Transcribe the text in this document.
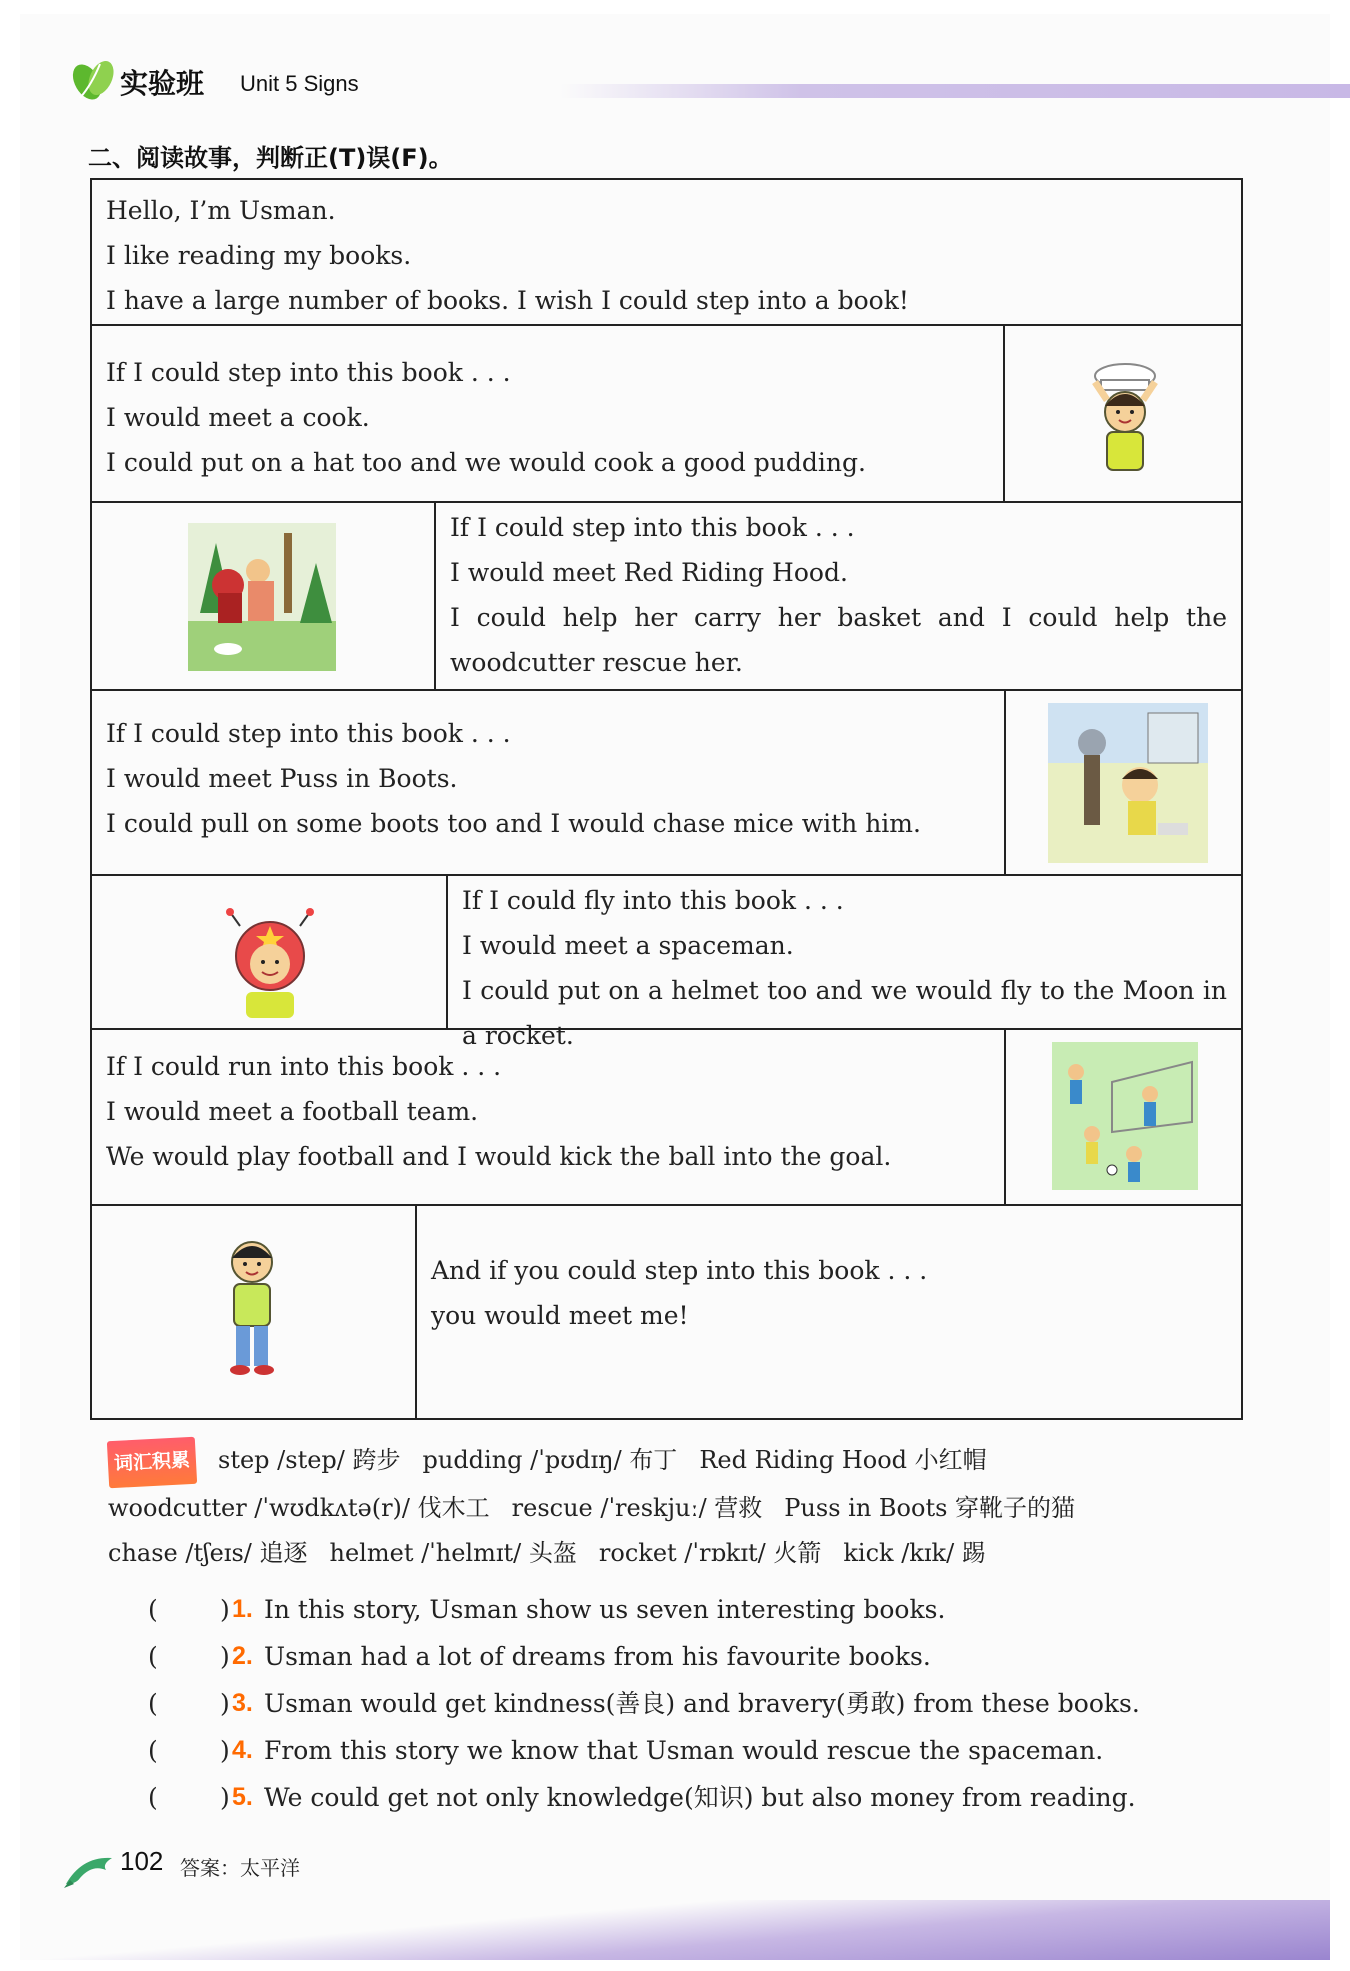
实验班 Unit 5 Signs
二、阅读故事，判断正(T)误(F)。
Hello, I’m Usman.
I like reading my books.
I have a large number of books. I wish I could step into a book!
If I could step into this book . . .
I would meet a cook.
I could put on a hat too and we would cook a good pudding.
If I could step into this book . . .
I would meet Red Riding Hood.
I could help her carry her basket and I could help the woodcutter rescue her.
If I could step into this book . . .
I would meet Puss in Boots.
I could pull on some boots too and I would chase mice with him.
If I could fly into this book . . .
I would meet a spaceman.
I could put on a helmet too and we would fly to the Moon in a rocket.
If I could run into this book . . .
I would meet a football team.
We would play football and I would kick the ball into the goal.
And if you could step into this book . . .
you would meet me!
词汇积累 step /step/ 跨步 pudding /ˈpʊdɪŋ/ 布丁 Red Riding Hood 小红帽
woodcutter /ˈwʊdkʌtə(r)/ 伐木工 rescue /ˈreskjuː/ 营救 Puss in Boots 穿靴子的猫
chase /tʃeɪs/ 追逐 helmet /ˈhelmɪt/ 头盔 rocket /ˈrɒkɪt/ 火箭 kick /kɪk/ 踢
( ) 1. In this story, Usman show us seven interesting books.
( ) 2. Usman had a lot of dreams from his favourite books.
( ) 3. Usman would get kindness(善良) and bravery(勇敢) from these books.
( ) 4. From this story we know that Usman would rescue the spaceman.
( ) 5. We could get not only knowledge(知识) but also money from reading.
102 答案：太平洋
